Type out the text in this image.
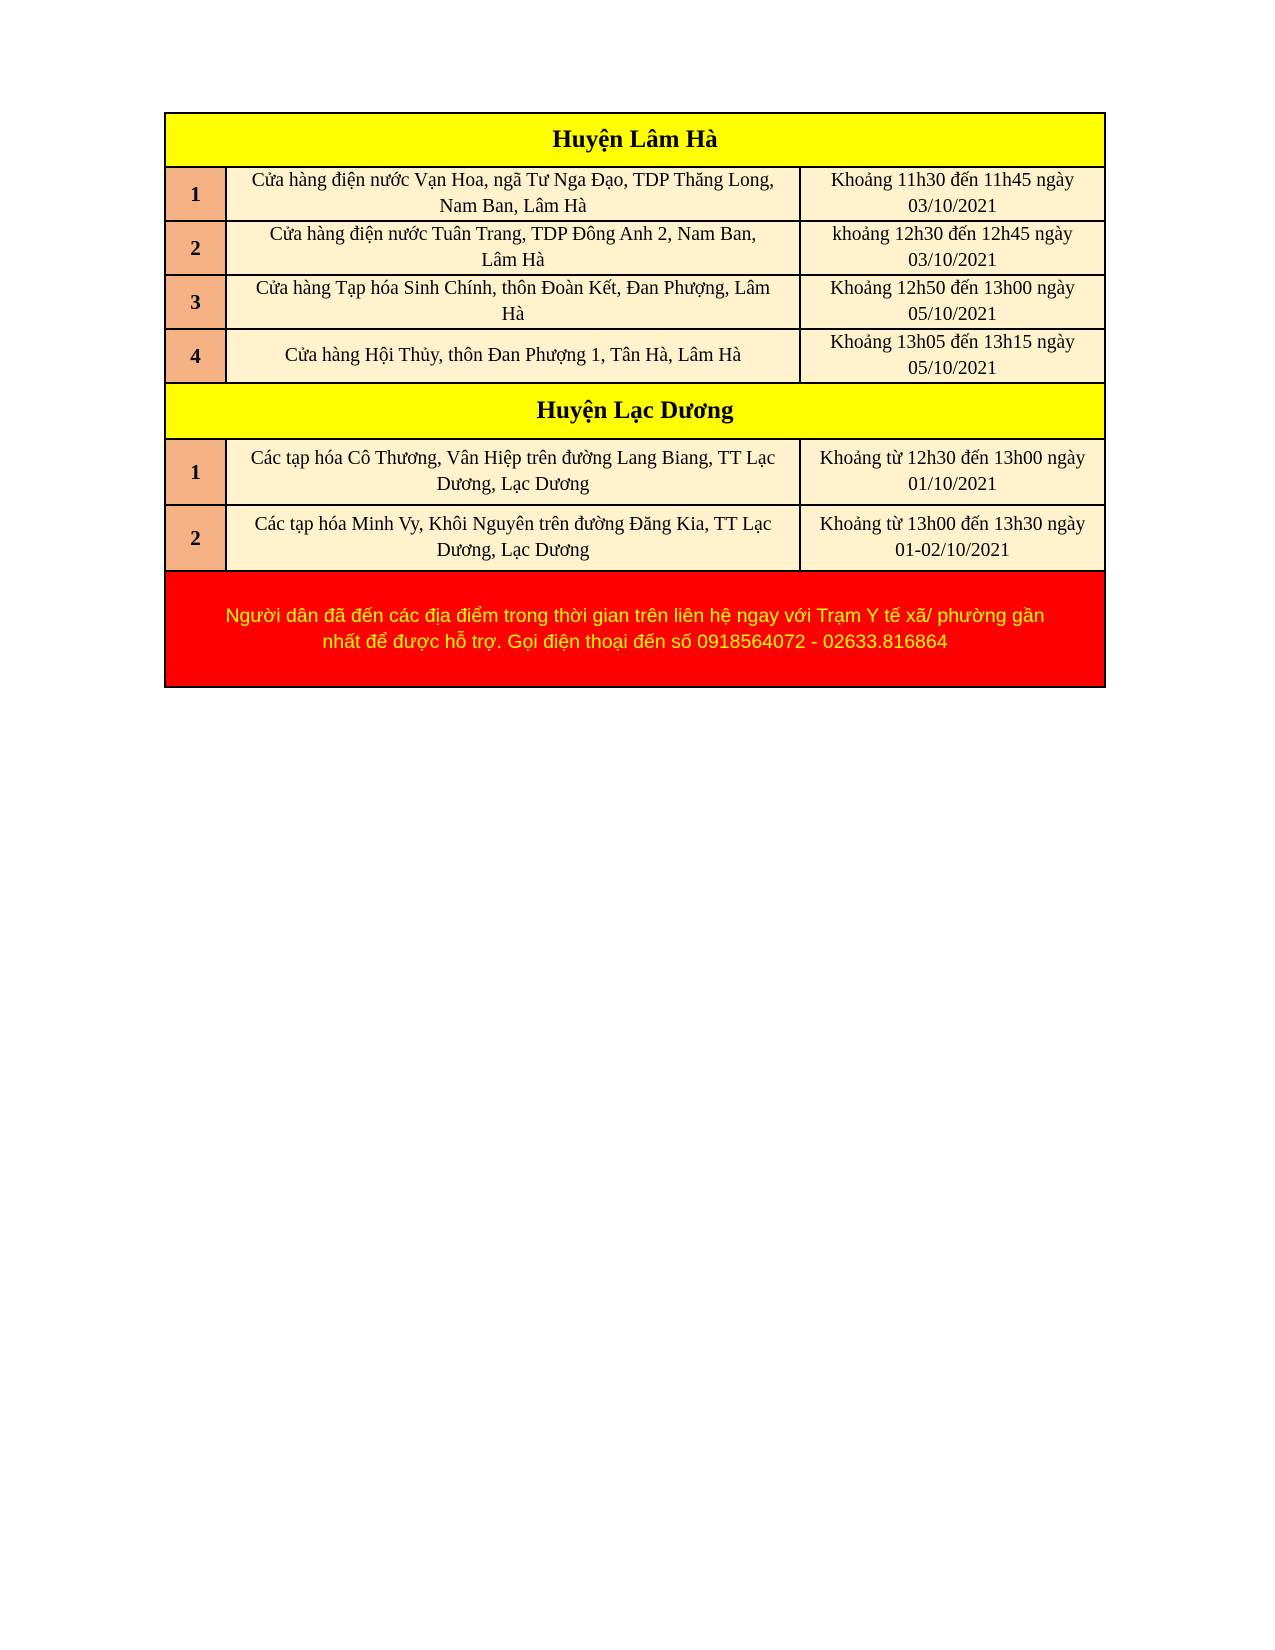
Huyện Lâm Hà		
1	Cửa hàng điện nước Vạn Hoa, ngã Tư Nga Đạo, TDP Thăng Long,
Nam Ban, Lâm Hà	Khoảng 11h30 đến 11h45 ngày
03/10/2021

2	Cửa hàng điện nước Tuân Trang, TDP Đông Anh 2, Nam Ban,
Lâm Hà	khoảng 12h30 đến 12h45 ngày
03/10/2021

3	Cửa hàng Tạp hóa Sinh Chính, thôn Đoàn Kết, Đan Phượng, Lâm
Hà	Khoảng 12h50 đến 13h00 ngày
05/10/2021

4	Cửa hàng Hội Thủy, thôn Đan Phượng 1, Tân Hà, Lâm Hà	Khoảng 13h05 đến 13h15 ngày
05/10/2021

Huyện Lạc Dương		
1	Các tạp hóa Cô Thương, Vân Hiệp trên đường Lang Biang, TT Lạc
Dương, Lạc Dương	Khoảng từ 12h30 đến 13h00 ngày
01/10/2021

2	Các tạp hóa Minh Vy, Khôi Nguyên trên đường Đăng Kia, TT Lạc
Dương, Lạc Dương	Khoảng từ 13h00 đến 13h30 ngày
01-02/10/2021

Người dân đã đến các địa điểm trong thời gian trên liên hệ ngay với Trạm Y tế xã/ phường gần nhất để được hỗ trợ. Gọi điện thoại đến số 0918564072 - 02633.816864		
